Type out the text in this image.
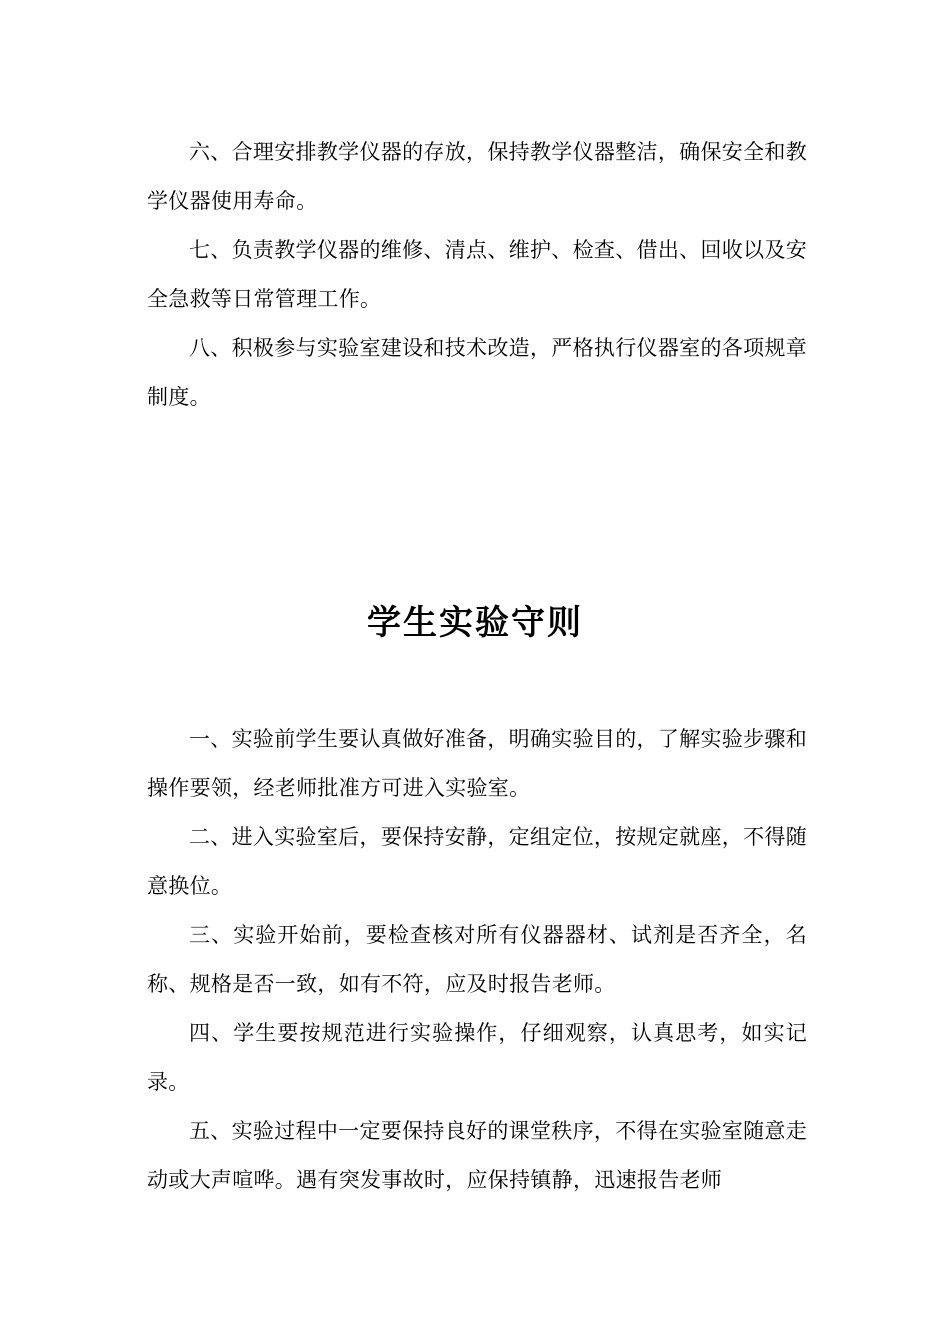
六、合理安排教学仪器的存放，保持教学仪器整洁，确保安全和教学仪器使用寿命。

七、负责教学仪器的维修、清点、维护、检查、借出、回收以及安全急救等日常管理工作。

八、积极参与实验室建设和技术改造，严格执行仪器室的各项规章制度。

学生实验守则

一、实验前学生要认真做好准备，明确实验目的，了解实验步骤和操作要领，经老师批准方可进入实验室。

二、进入实验室后，要保持安静，定组定位，按规定就座，不得随意换位。

三、实验开始前，要检查核对所有仪器器材、试剂是否齐全，名称、规格是否一致，如有不符，应及时报告老师。

四、学生要按规范进行实验操作，仔细观察，认真思考，如实记录。

五、实验过程中一定要保持良好的课堂秩序，不得在实验室随意走动或大声喧哗。遇有突发事故时，应保持镇静，迅速报告老师
